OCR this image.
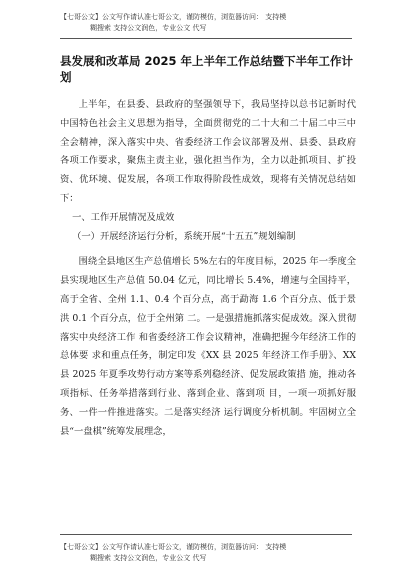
【七哥公文】公文写作请认准七哥公文，谨防模仿，浏览器访问： 支持模
糊搜索 支持公文润色，专业公文 代写
县发展和改革局 2025 年上半年工作总结暨下半年工作计划

上半年，在县委、县政府的坚强领导下，我局坚持以总书记新时代中国特色社会主义思想为指导，全面贯彻党的二十大和二十届二中三中全会精神，深入落实中央、省委经济工作会议部署及州、县委、县政府各项工作要求，聚焦主责主业，强化担当作为，全力以赴抓项目、扩投资、优环境、促发展，各项工作取得阶段性成效，现将有关情况总结如下：

一、工作开展情况及成效

（一）开展经济运行分析，系统开展“十五五”规划编制

围绕全县地区生产总值增长 5%左右的年度目标，2025 年一季度全县实现地区生产总值 50.04 亿元，同比增长 5.4%，增速与全国持平，高于全省、全州 1.1、0.4 个百分点，高于勐海 1.6 个百分点、低于景洪 0.1 个百分点，位于全州第 二。一是强措施抓落实促成效。深入贯彻落实中央经济工作 和省委经济工作会议精神，准确把握今年经济工作的总体要 求和重点任务，制定印发《XX 县 2025 年经济工作手册》、XX 县 2025 年夏季攻势行动方案等系列稳经济、促发展政策措 施，推动各项指标、任务举措落到行业、落到企业、落到项 目，一项一项抓好服务、一件一件推进落实。二是落实经济 运行调度分析机制。牢固树立全县“一盘棋”统筹发展理念，

【七哥公文】公文写作请认准七哥公文，谨防模仿，浏览器访问： 支持模
糊搜索 支持公文润色，专业公文 代写
